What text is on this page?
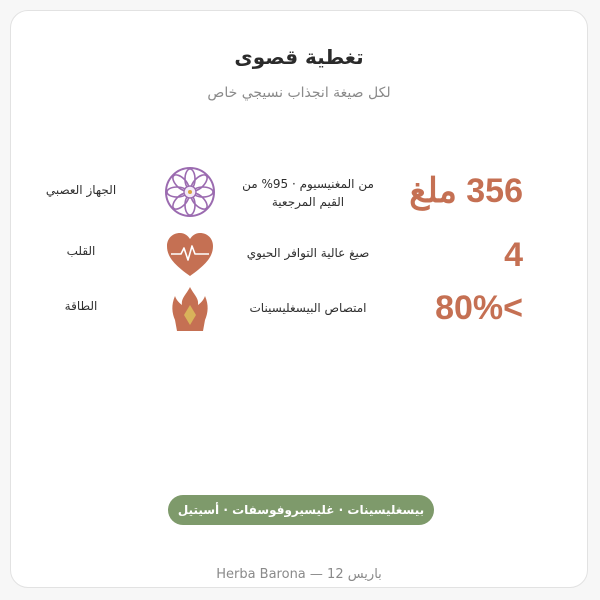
تغطية قصوى
لكل صيغة انجذاب نسيجي خاص
356 ملغ
من المغنيسيوم · 95% من القيم المرجعية
الجهاز العصبي
4
صيغ عالية التوافر الحيوي
القلب
>80%
امتصاص البيسغليسينات
الطاقة
بيسغليسينات · غليسيروفوسفات · أسيتيل تورينات
باريس 12 — Herba Barona
